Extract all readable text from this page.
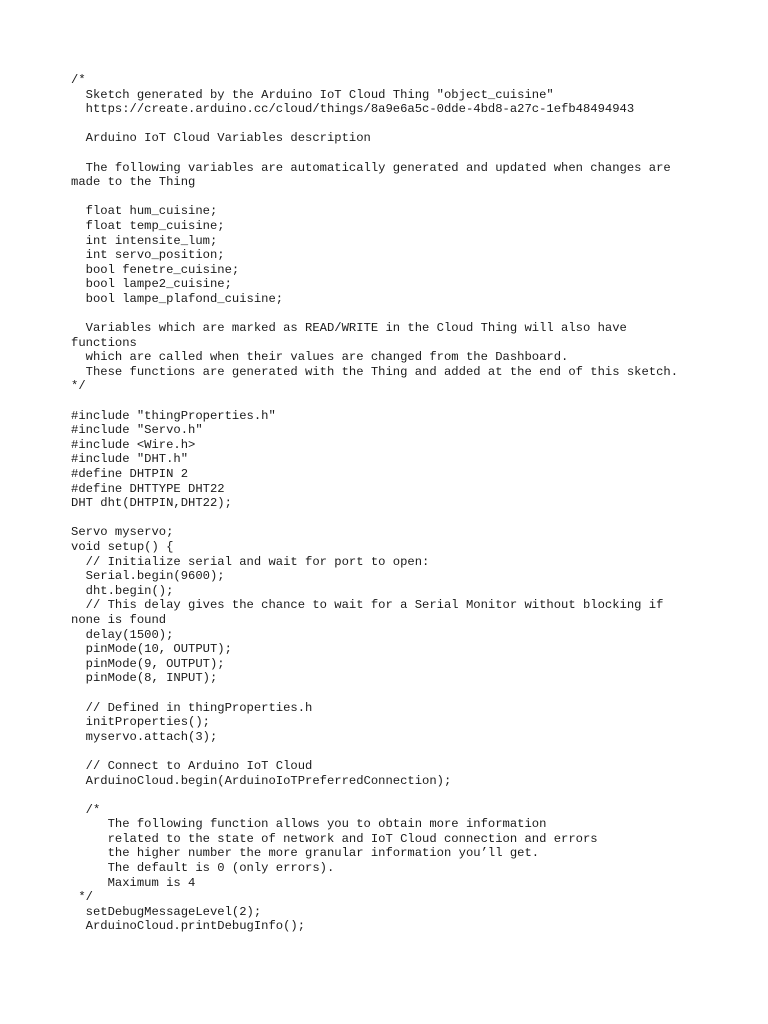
/*
Sketch generated by the Arduino IoT Cloud Thing "object_cuisine"
https://create.arduino.cc/cloud/things/8a9e6a5c-0dde-4bd8-a27c-1efb48494943
Arduino IoT Cloud Variables description
The following variables are automatically generated and updated when changes are
made to the Thing
float hum_cuisine;
float temp_cuisine;
int intensite_lum;
int servo_position;
bool fenetre_cuisine;
bool lampe2_cuisine;
bool lampe_plafond_cuisine;
Variables which are marked as READ/WRITE in the Cloud Thing will also have
functions
which are called when their values are changed from the Dashboard.
These functions are generated with the Thing and added at the end of this sketch.
*/
#include "thingProperties.h"
#include "Servo.h"
#include <Wire.h>
#include "DHT.h"
#define DHTPIN 2
#define DHTTYPE DHT22
DHT dht(DHTPIN,DHT22);
Servo myservo;
void setup() {
// Initialize serial and wait for port to open:
Serial.begin(9600);
dht.begin();
// This delay gives the chance to wait for a Serial Monitor without blocking if
none is found
delay(1500);
pinMode(10, OUTPUT);
pinMode(9, OUTPUT);
pinMode(8, INPUT);
// Defined in thingProperties.h
initProperties();
myservo.attach(3);
// Connect to Arduino IoT Cloud
ArduinoCloud.begin(ArduinoIoTPreferredConnection);
/*
The following function allows you to obtain more information
related to the state of network and IoT Cloud connection and errors
the higher number the more granular information you’ll get.
The default is 0 (only errors).
Maximum is 4
*/
setDebugMessageLevel(2);
ArduinoCloud.printDebugInfo();
